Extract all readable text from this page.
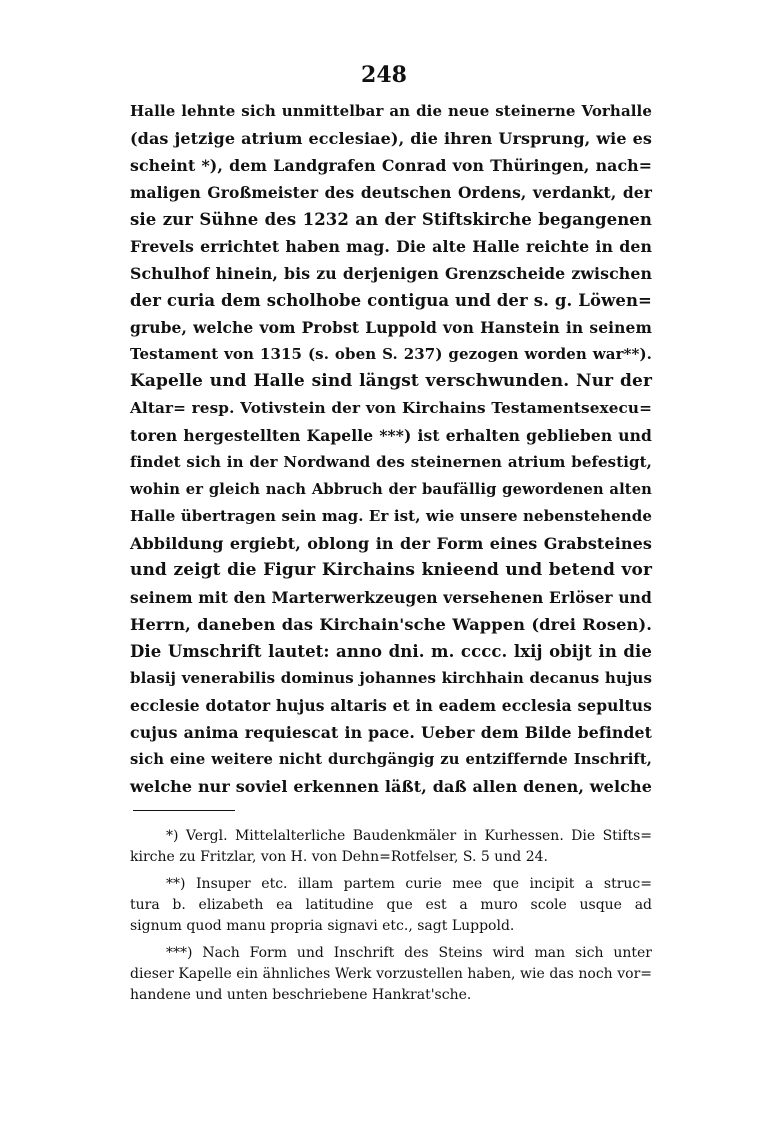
248
Halle lehnte sich unmittelbar an die neue steinerne Vorhalle
(das jetzige atrium ecclesiae), die ihren Ursprung, wie es
scheint *), dem Landgrafen Conrad von Thüringen, nach=
maligen Großmeister des deutschen Ordens, verdankt, der
sie zur Sühne des 1232 an der Stiftskirche begangenen
Frevels errichtet haben mag. Die alte Halle reichte in den
Schulhof hinein, bis zu derjenigen Grenzscheide zwischen
der curia dem scholhobe contigua und der s. g. Löwen=
grube, welche vom Probst Luppold von Hanstein in seinem
Testament von 1315 (s. oben S. 237) gezogen worden war**).
Kapelle und Halle sind längst verschwunden. Nur der
Altar= resp. Votivstein der von Kirchains Testamentsexecu=
toren hergestellten Kapelle ***) ist erhalten geblieben und
findet sich in der Nordwand des steinernen atrium befestigt,
wohin er gleich nach Abbruch der baufällig gewordenen alten
Halle übertragen sein mag. Er ist, wie unsere nebenstehende
Abbildung ergiebt, oblong in der Form eines Grabsteines
und zeigt die Figur Kirchains knieend und betend vor
seinem mit den Marterwerkzeugen versehenen Erlöser und
Herrn, daneben das Kirchain'sche Wappen (drei Rosen).
Die Umschrift lautet: anno dni. m. cccc. lxij obijt in die
blasij venerabilis dominus johannes kirchhain decanus hujus
ecclesie dotator hujus altaris et in eadem ecclesia sepultus
cujus anima requiescat in pace. Ueber dem Bilde befindet
sich eine weitere nicht durchgängig zu entziffernde Inschrift,
welche nur soviel erkennen läßt, daß allen denen, welche
*) Vergl. Mittelalterliche Baudenkmäler in Kurhessen. Die Stifts=
kirche zu Fritzlar, von H. von Dehn=Rotfelser, S. 5 und 24.
**) Insuper etc. illam partem curie mee que incipit a struc=
tura b. elizabeth ea latitudine que est a muro scole usque ad
signum quod manu propria signavi etc., sagt Luppold.
***) Nach Form und Inschrift des Steins wird man sich unter
dieser Kapelle ein ähnliches Werk vorzustellen haben, wie das noch vor=
handene und unten beschriebene Hankrat'sche.
